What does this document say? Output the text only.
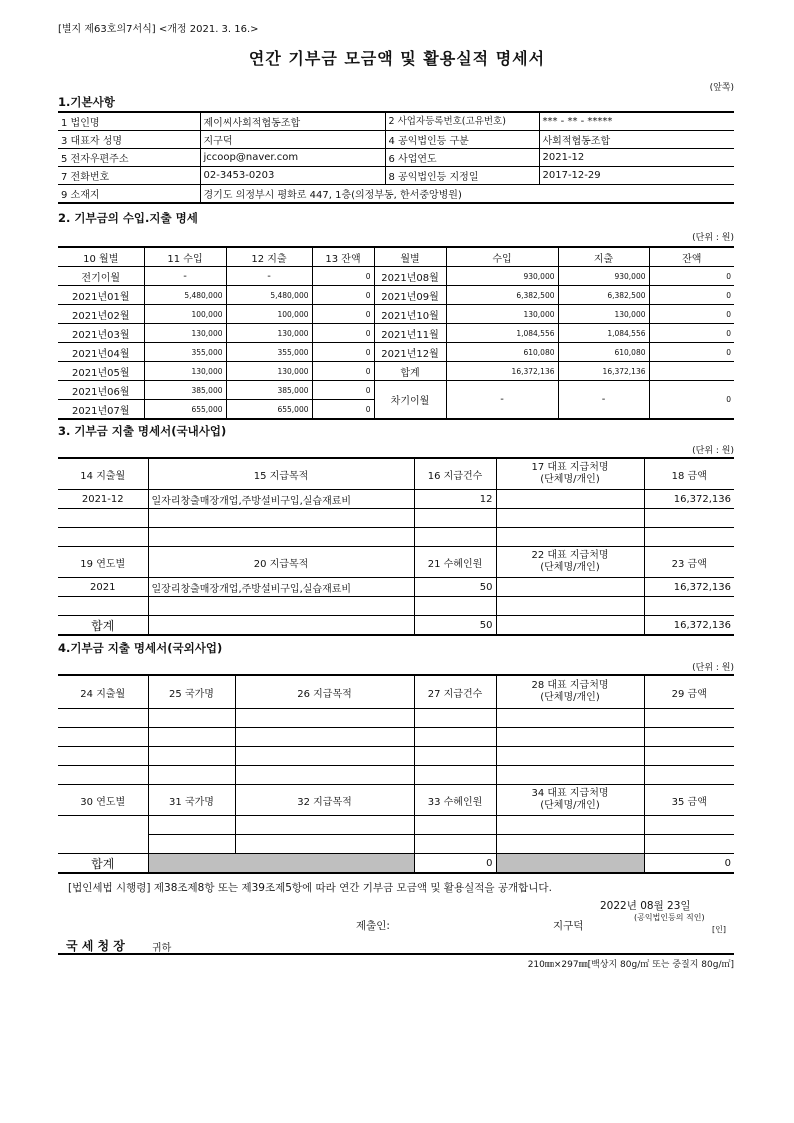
[별지 제63호의7서식] <개정 2021. 3. 16.>
연간 기부금 모금액 및 활용실적 명세서
(앞쪽)
1.기본사항
1 법인명	제이씨사회적협동조합	2 사업자등록번호(고유번호)	*** - ** - *****
3 대표자 성명	지구덕	4 공익법인등 구분	사회적협동조합
5 전자우편주소	jccoop@naver.com	6 사업연도	2021-12
7 전화번호	02-3453-0203	8 공익법인등 지정일	2017-12-29
9 소재지	경기도 의정부시 평화로 447, 1층(의정부동, 한서중앙병원)		
2. 기부금의 수입.지출 명세
(단위 : 원)
10 월별	11 수입	12 지출	13 잔액	월별	수입	지출	잔액
전기이월	-	-	0	2021년08월	930,000	930,000	0
2021년01월	5,480,000	5,480,000	0	2021년09월	6,382,500	6,382,500	0
2021년02월	100,000	100,000	0	2021년10월	130,000	130,000	0
2021년03월	130,000	130,000	0	2021년11월	1,084,556	1,084,556	0
2021년04월	355,000	355,000	0	2021년12월	610,080	610,080	0
2021년05월	130,000	130,000	0	합계	16,372,136	16,372,136	
2021년06월	385,000	385,000	0	차기이월	-	-	0
2021년07월	655,000	655,000	0				
3. 기부금 지출 명세서(국내사업)
(단위 : 원)
14 지출월	15 지급목적	16 지급건수	17 대표 지급처명
(단체명/개인)	18 금액
2021-12	일자리창출매장개업,주방설비구입,실습재료비	12		16,372,136

19 연도별	20 지급목적	21 수혜인원	22 대표 지급처명
(단체명/개인)	23 금액
2021	일장리창출매장개업,주방설비구입,실습재료비	50		16,372,136

합계		50		16,372,136
4.기부금 지출 명세서(국외사업)
(단위 : 원)
24 지출월	25 국가명	26 지급목적	27 지급건수	28 대표 지급처명
(단체명/개인)	29 금액

30 연도별	31 국가명	32 지급목적	33 수혜인원	34 대표 지급처명
(단체명/개인)	35 금액

합계			0		0
[법인세법 시행령] 제38조제8항 또는 제39조제5항에 따라 연간 기부금 모금액 및 활용실적을 공개합니다.
2022년 08월 23일
제출인:	지구덕
(공익법인등의 직인)
[인]
국 세 청 장	귀하
210㎜×297㎜[백상지 80g/㎡ 또는 중질지 80g/㎡]
